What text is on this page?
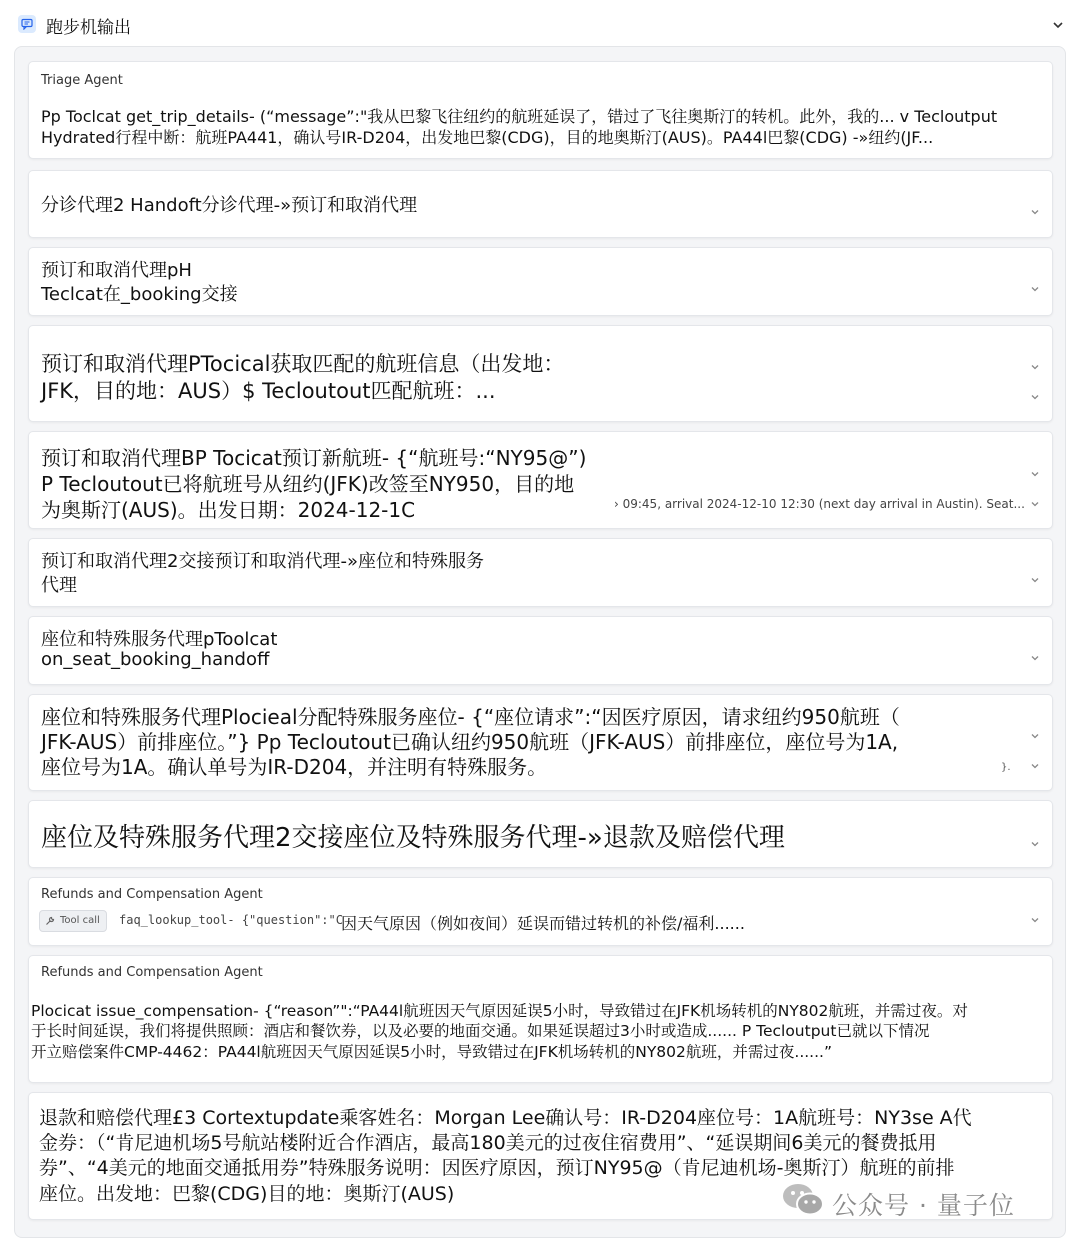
跑步机输出
Triage Agent
Pp Toclcat get_trip_details- (“message”:"我从巴黎飞往纽约的航班延误了，错过了飞往奥斯汀的转机。此外，我的... v Tecloutput
Hydrated行程中断：航班PA441，确认号IR-D204，出发地巴黎(CDG)，目的地奥斯汀(AUS)。PA44l巴黎(CDG) -»纽约(JF...
分诊代理2 Handoft分诊代理-»预订和取消代理
预订和取消代理pH
Teclcat在_booking交接
预订和取消代理PTocical获取匹配的航班信息（出发地：
JFK，目的地：AUS）$ Tecloutout匹配航班：...
预订和取消代理BP Tocicat预订新航班- {“航班号:“NY95@”)
P Tecloutout已将航班号从纽约(JFK)改签至NY950，目的地
为奥斯汀(AUS)。出发日期：2024-12-1C	› 09:45, arrival 2024-12-10 12:30 (next day arrival in Austin). Seat...
预订和取消代理2交接预订和取消代理-»座位和特殊服务
代理
座位和特殊服务代理pToolcat
on_seat_booking_handoff
座位和特殊服务代理Plocieal分配特殊服务座位- {“座位请求”:“因医疗原因，请求纽约950航班（
JFK-AUS）前排座位。”} Pp Tecloutout已确认纽约950航班（JFK-AUS）前排座位，座位号为1A,
座位号为1A。确认单号为IR-D204，并注明有特殊服务。	}.
座位及特殊服务代理2交接座位及特殊服务代理-»退款及赔偿代理
Refunds and Compensation Agent
Tool call	faq_lookup_tool- {"question":"C
因天气原因（例如夜间）延误而错过转机的补偿/福利......
Refunds and Compensation Agent
Plocicat issue_compensation- {“reason”":“PA44l航班因天气原因延误5小时，导致错过在JFK机场转机的NY802航班，并需过夜。对
于长时间延误，我们将提供照顾：酒店和餐饮券，以及必要的地面交通。如果延误超过3小时或造成...... P Tecloutput已就以下情况
开立赔偿案件CMP-4462：PA44l航班因天气原因延误5小时，导致错过在JFK机场转机的NY802航班，并需过夜......”
退款和赔偿代理£3 Cortextupdate乘客姓名：Morgan Lee确认号：IR-D204座位号：1A航班号：NY3se A代
金券：（“肯尼迪机场5号航站楼附近合作酒店，最高180美元的过夜住宿费用”、“延误期间6美元的餐费抵用
券”、“4美元的地面交通抵用券”特殊服务说明：因医疗原因，预订NY95@（肯尼迪机场-奥斯汀）航班的前排
座位。出发地：巴黎(CDG)目的地：奥斯汀(AUS)	公众号 · 量子位
